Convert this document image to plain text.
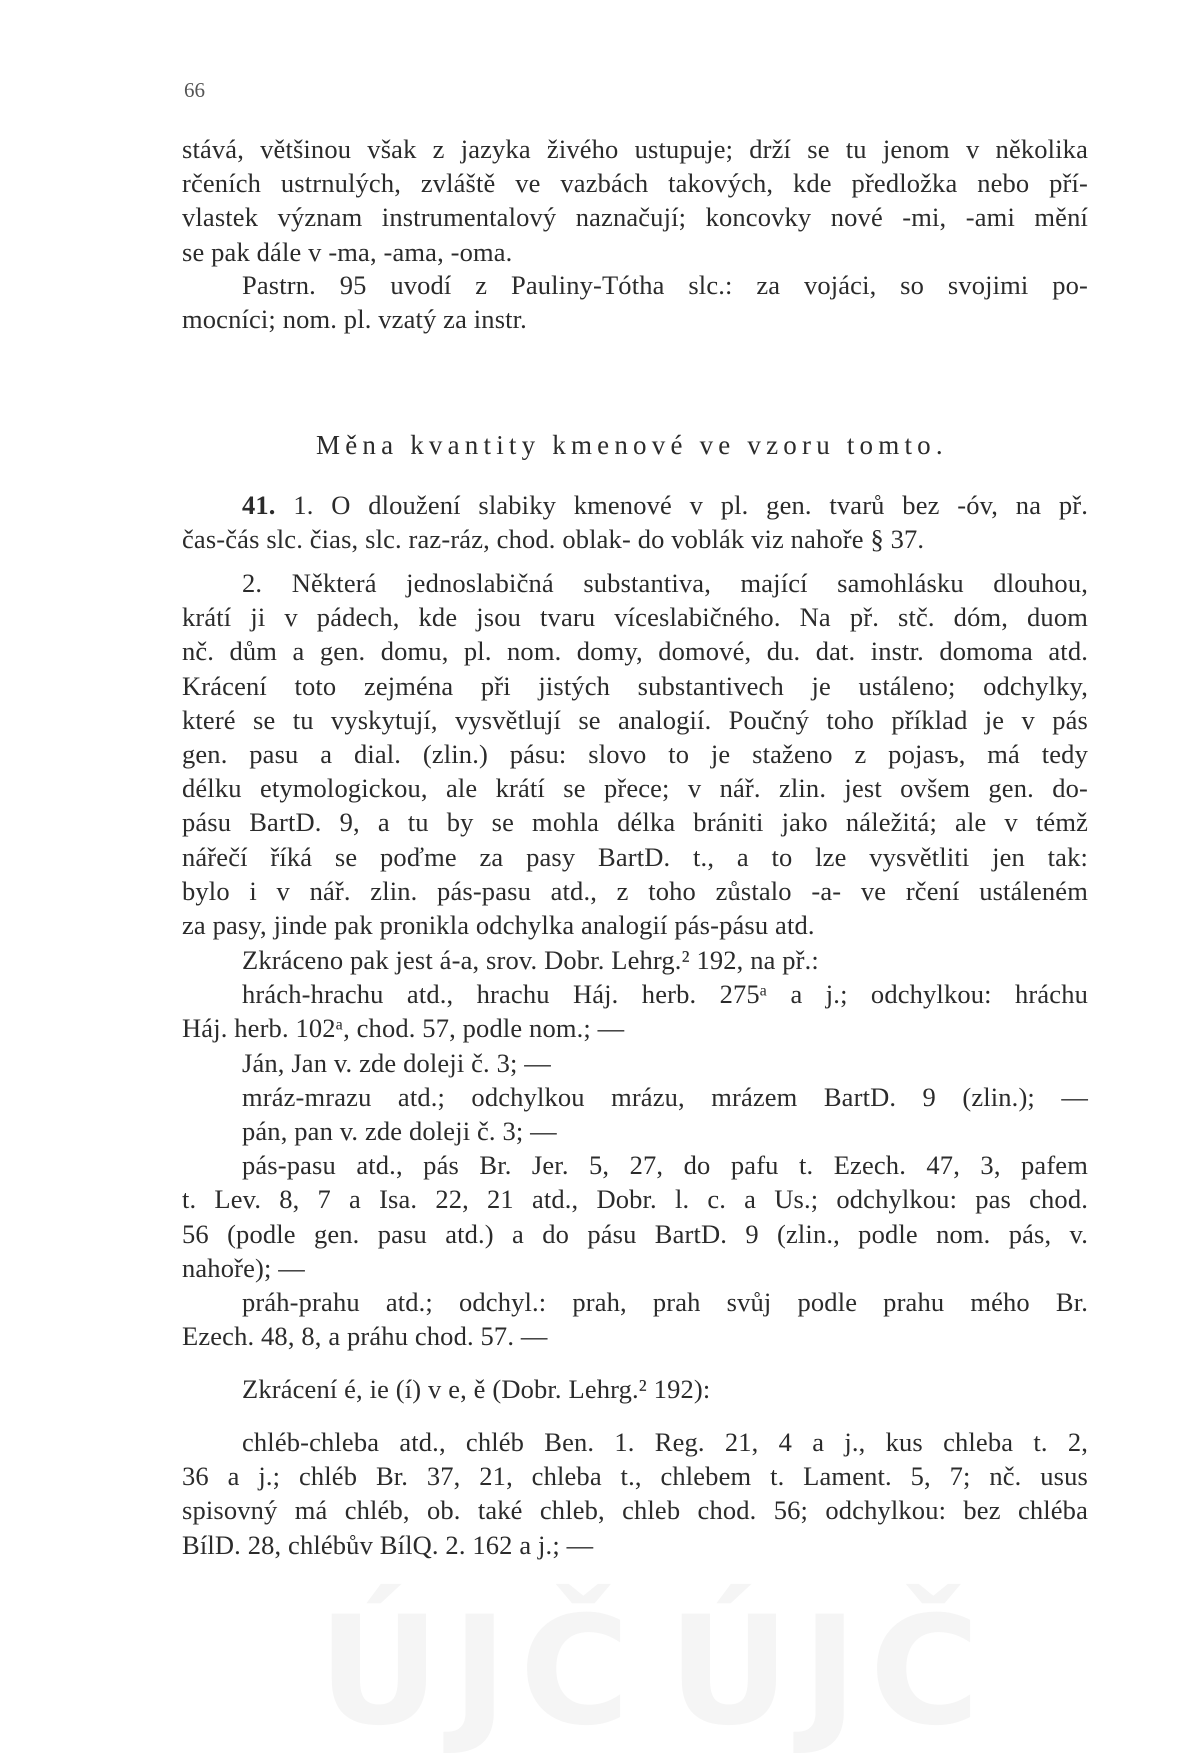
66
stává, většinou však z jazyka živého ustupuje; drží se tu jenom v několika
rčeních ustrnulých, zvláště ve vazbách takových, kde předložka nebo pří-
vlastek význam instrumentalový naznačují; koncovky nové -mi, -ami mění
se pak dále v -ma, -ama, -oma.
Pastrn. 95 uvodí z Pauliny-Tótha slc.: za vojáci, so svojimi po-
mocníci; nom. pl. vzatý za instr.
Měna kvantity kmenové ve vzoru tomto.
41. 1. O dloužení slabiky kmenové v pl. gen. tvarů bez -óv, na př.
čas-čás slc. čias, slc. raz-ráz, chod. oblak- do voblák viz nahoře § 37.
2. Některá jednoslabičná substantiva, mající samohlásku dlouhou,
krátí ji v pádech, kde jsou tvaru víceslabičného. Na př. stč. dóm, duom
nč. dům a gen. domu, pl. nom. domy, domové, du. dat. instr. domoma atd.
Krácení toto zejména při jistých substantivech je ustáleno; odchylky,
které se tu vyskytují, vysvětlují se analogií. Poučný toho příklad je v pás
gen. pasu a dial. (zlin.) pásu: slovo to je staženo z pojasъ, má tedy
délku etymologickou, ale krátí se přece; v nář. zlin. jest ovšem gen. do-
pásu BartD. 9, a tu by se mohla délka brániti jako náležitá; ale v témž
nářečí říká se poďme za pasy BartD. t., a to lze vysvětliti jen tak:
bylo i v nář. zlin. pás-pasu atd., z toho zůstalo -a- ve rčení ustáleném
za pasy, jinde pak pronikla odchylka analogií pás-pásu atd.
Zkráceno pak jest á-a, srov. Dobr. Lehrg.² 192, na př.:
hrách-hrachu atd., hrachu Háj. herb. 275ᵃ a j.; odchylkou: hráchu
Háj. herb. 102ᵃ, chod. 57, podle nom.; —
Ján, Jan v. zde doleji č. 3; —
mráz-mrazu atd.; odchylkou mrázu, mrázem BartD. 9 (zlin.); —
pán, pan v. zde doleji č. 3; —
pás-pasu atd., pás Br. Jer. 5, 27, do pafu t. Ezech. 47, 3, pafem
t. Lev. 8, 7 a Isa. 22, 21 atd., Dobr. l. c. a Us.; odchylkou: pas chod.
56 (podle gen. pasu atd.) a do pásu BartD. 9 (zlin., podle nom. pás, v.
nahoře); —
práh-prahu atd.; odchyl.: prah, prah svůj podle prahu mého Br.
Ezech. 48, 8, a práhu chod. 57. —
Zkrácení é, ie (í) v e, ě (Dobr. Lehrg.² 192):
chléb-chleba atd., chléb Ben. 1. Reg. 21, 4 a j., kus chleba t. 2,
36 a j.; chléb Br. 37, 21, chleba t., chlebem t. Lament. 5, 7; nč. usus
spisovný má chléb, ob. také chleb, chleb chod. 56; odchylkou: bez chléba
BílD. 28, chlébův BílQ. 2. 162 a j.; —
ÚJČ ÚJČ
